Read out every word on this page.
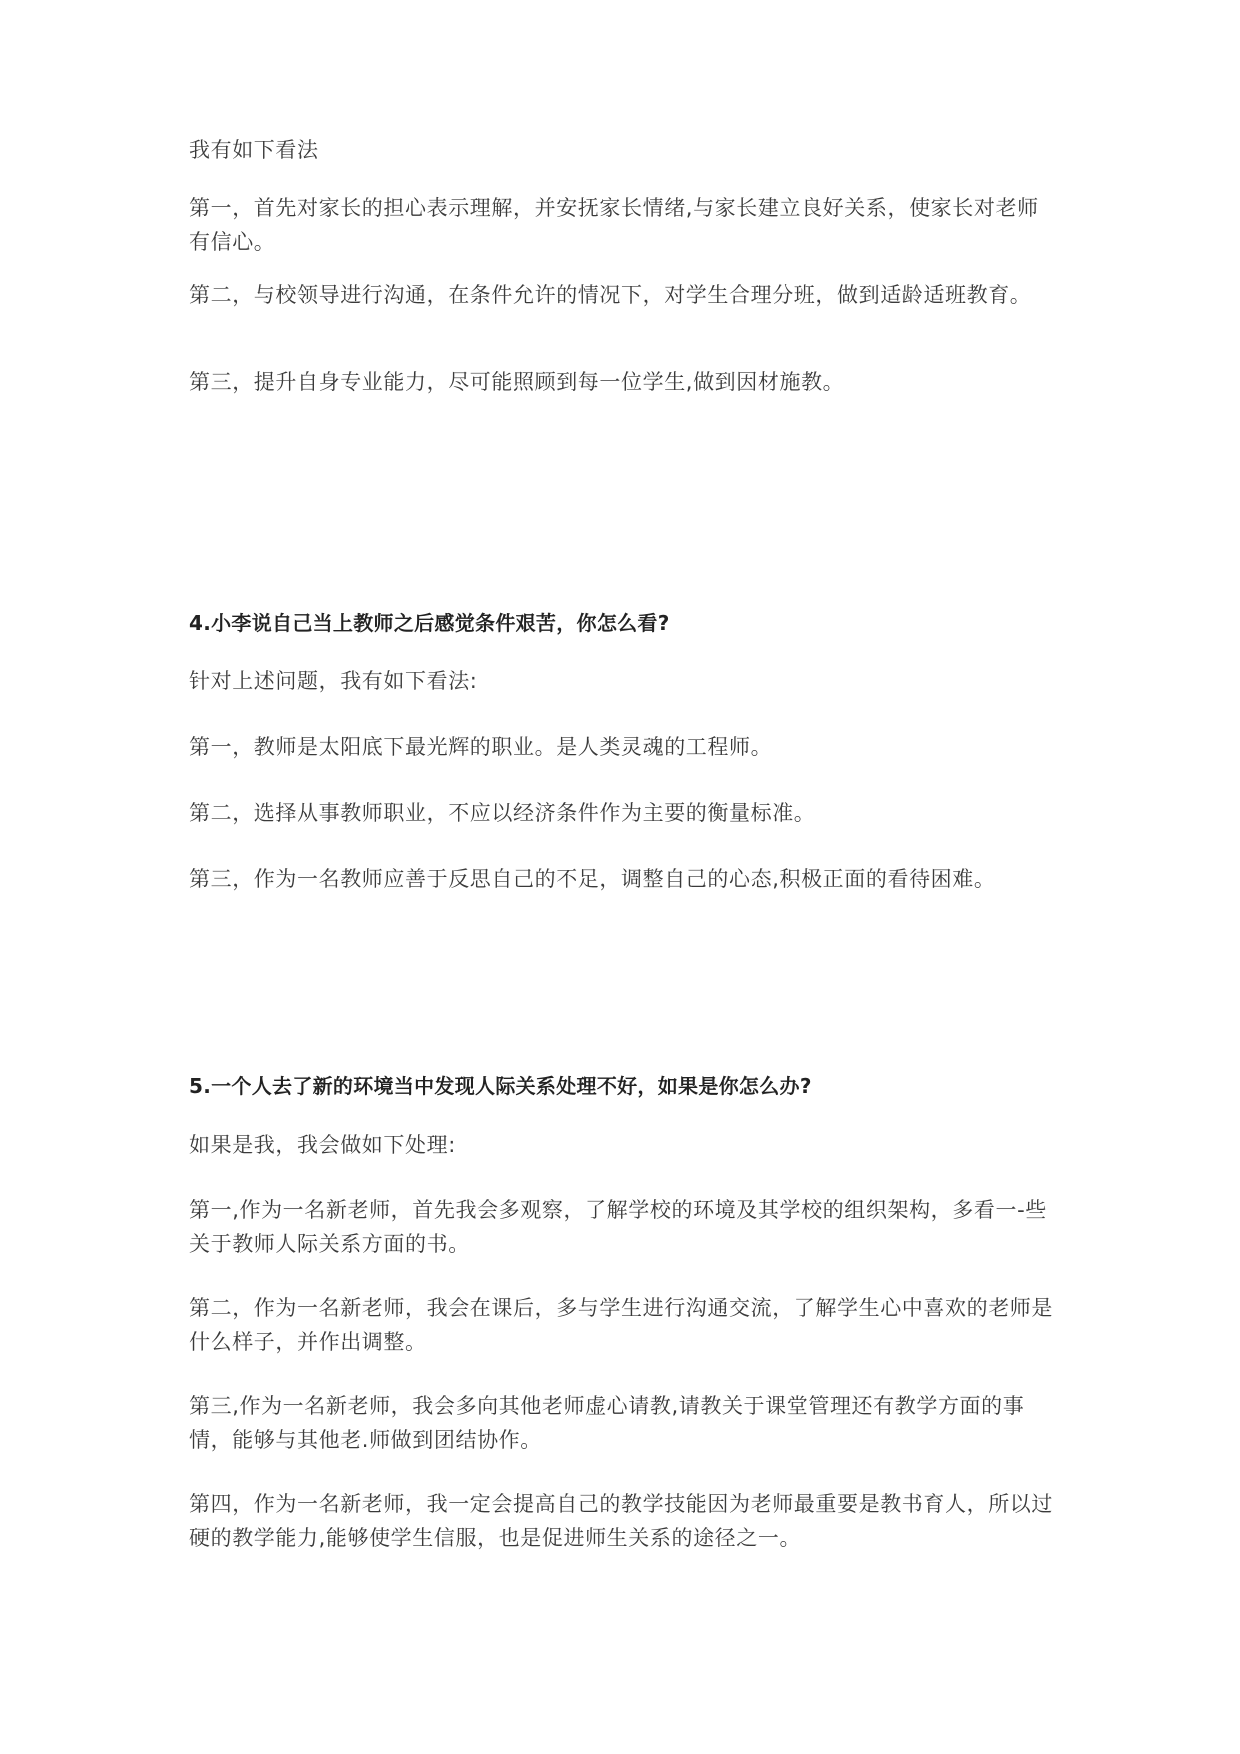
我有如下看法

第一，首先对家长的担心表示理解，并安抚家长情绪,与家长建立良好关系，使家长对老师有信心。

第二，与校领导进行沟通，在条件允许的情况下，对学生合理分班，做到适龄适班教育。

第三，提升自身专业能力，尽可能照顾到每一位学生,做到因材施教。

4.小李说自己当上教师之后感觉条件艰苦，你怎么看?

针对上述问题，我有如下看法:

第一，教师是太阳底下最光辉的职业。是人类灵魂的工程师。

第二，选择从事教师职业，不应以经济条件作为主要的衡量标准。

第三，作为一名教师应善于反思自己的不足，调整自己的心态,积极正面的看待困难。

5.一个人去了新的环境当中发现人际关系处理不好，如果是你怎么办?

如果是我，我会做如下处理:

第一,作为一名新老师，首先我会多观察，了解学校的环境及其学校的组织架构，多看一-些关于教师人际关系方面的书。

第二，作为一名新老师，我会在课后，多与学生进行沟通交流，了解学生心中喜欢的老师是什么样子，并作出调整。

第三,作为一名新老师，我会多向其他老师虚心请教,请教关于课堂管理还有教学方面的事情，能够与其他老.师做到团结协作。

第四，作为一名新老师，我一定会提高自己的教学技能因为老师最重要是教书育人，所以过硬的教学能力,能够使学生信服，也是促进师生关系的途径之一。
